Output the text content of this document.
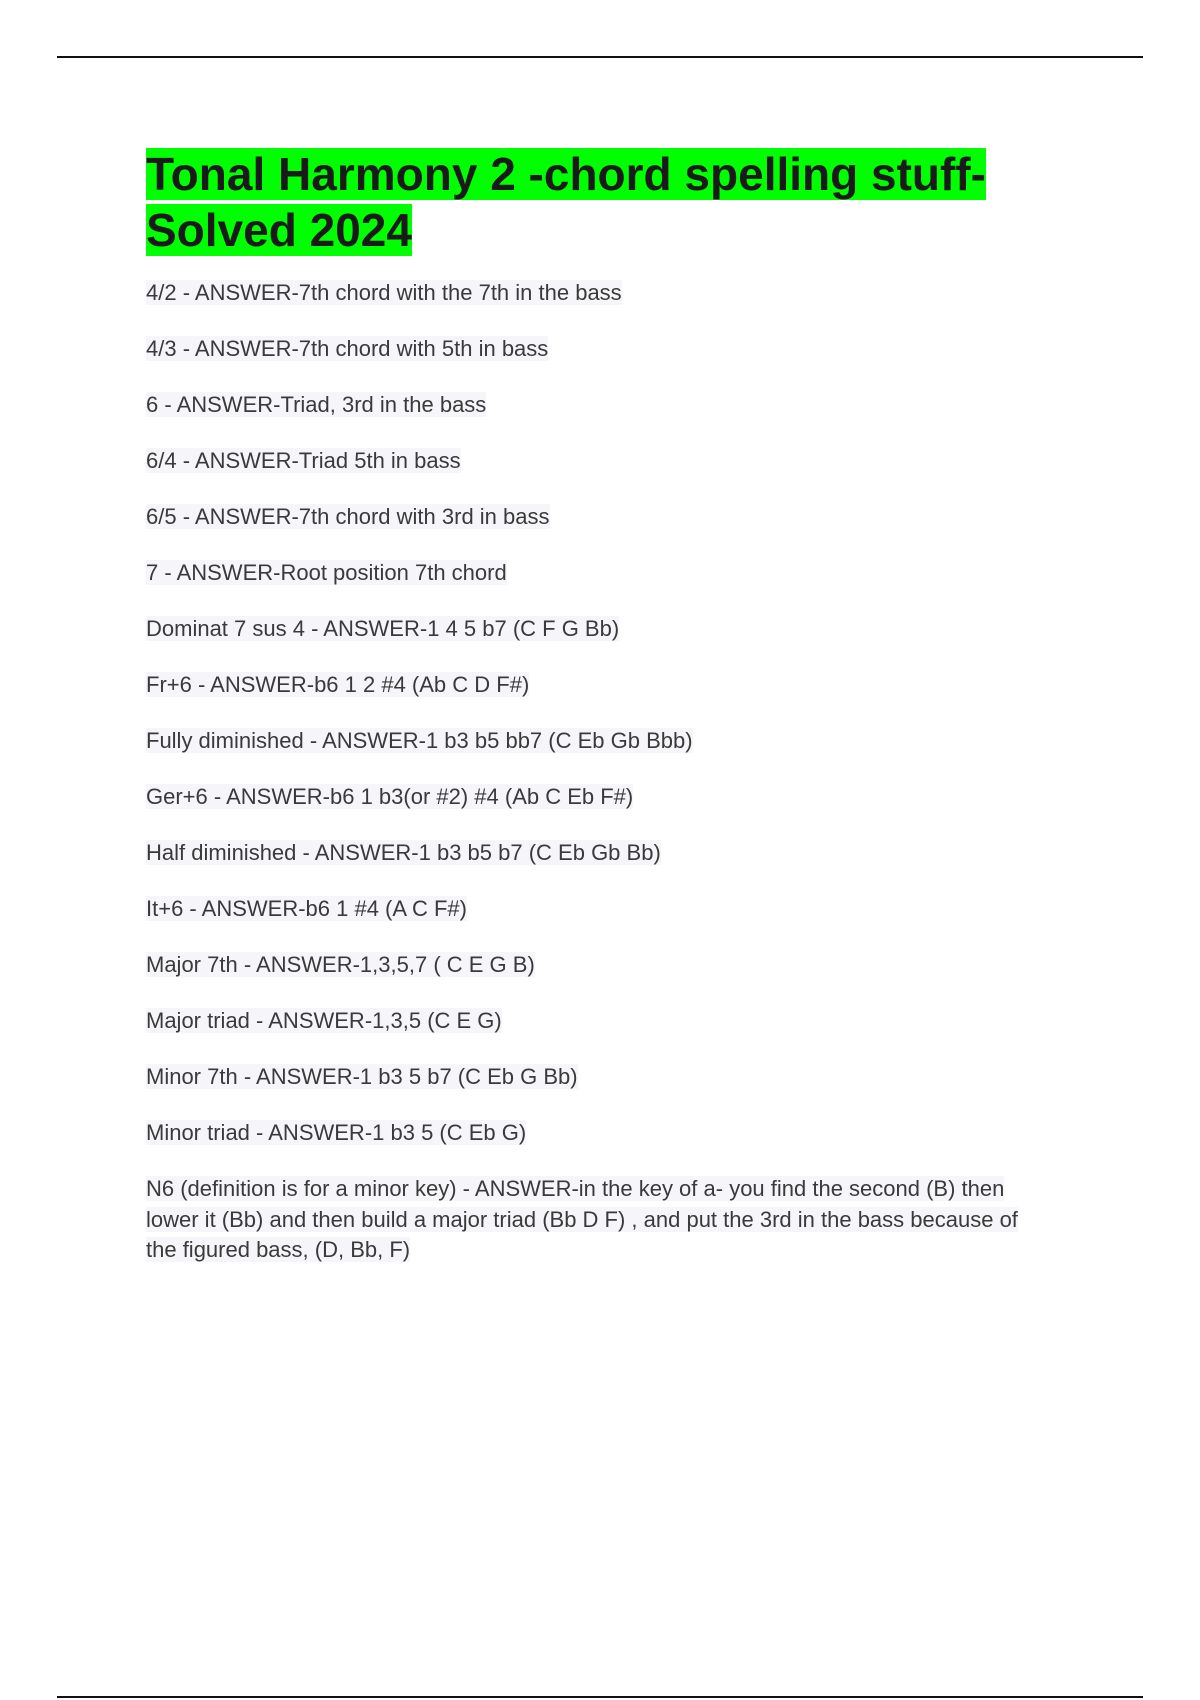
Tonal Harmony 2 -chord spelling stuff-Solved 2024
4/2 - ANSWER-7th chord with the 7th in the bass
4/3 - ANSWER-7th chord with 5th in bass
6 - ANSWER-Triad, 3rd in the bass
6/4 - ANSWER-Triad 5th in bass
6/5 - ANSWER-7th chord with 3rd in bass
7 - ANSWER-Root position 7th chord
Dominat 7 sus 4 - ANSWER-1 4 5 b7 (C F G Bb)
Fr+6 - ANSWER-b6 1 2 #4 (Ab C D F#)
Fully diminished - ANSWER-1 b3 b5 bb7 (C Eb Gb Bbb)
Ger+6 - ANSWER-b6 1 b3(or #2) #4 (Ab C Eb F#)
Half diminished - ANSWER-1 b3 b5 b7 (C Eb Gb Bb)
It+6 - ANSWER-b6 1 #4 (A C F#)
Major 7th - ANSWER-1,3,5,7 ( C E G B)
Major triad - ANSWER-1,3,5 (C E G)
Minor 7th - ANSWER-1 b3 5 b7 (C Eb G Bb)
Minor triad - ANSWER-1 b3 5 (C Eb G)
N6 (definition is for a minor key) - ANSWER-in the key of a- you find the second (B) then lower it (Bb) and then build a major triad (Bb D F) , and put the 3rd in the bass because of the figured bass, (D, Bb, F)
